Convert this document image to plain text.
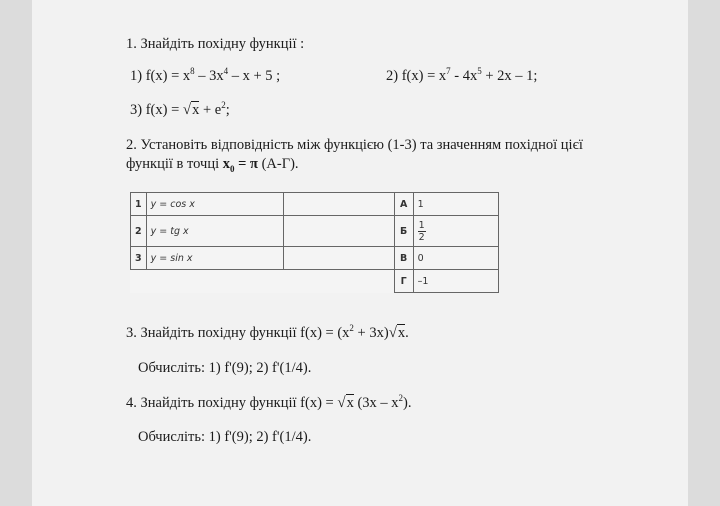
1. Знайдіть похідну функції :
1) $f(x) = x^8 - 3x^4 - x + 5$ ;	2) $f(x) = x^7 - 4x^5 + 2x - 1$;
3) $f(x) = √x + e^2$;
2. Установіть відповідність між функцією (1-3) та значенням похідної цієї
функції в точці $x_0 = \pi$ (А-Г).
1	y = cos x		А	1
2	y = tg x		Б	$\frac{1}{2}$

3	y = sin x		В	0
			Г	–1
3. Знайдіть похідну функції $f(x) = (x^2 + 3x)√x$.
Обчисліть: 1) f'(9); 2) f'(1/4).
4. Знайдіть похідну функції f(x) = √x $(3x - x^2)$.
Обчисліть: 1) f'(9); 2) f'(1/4).
